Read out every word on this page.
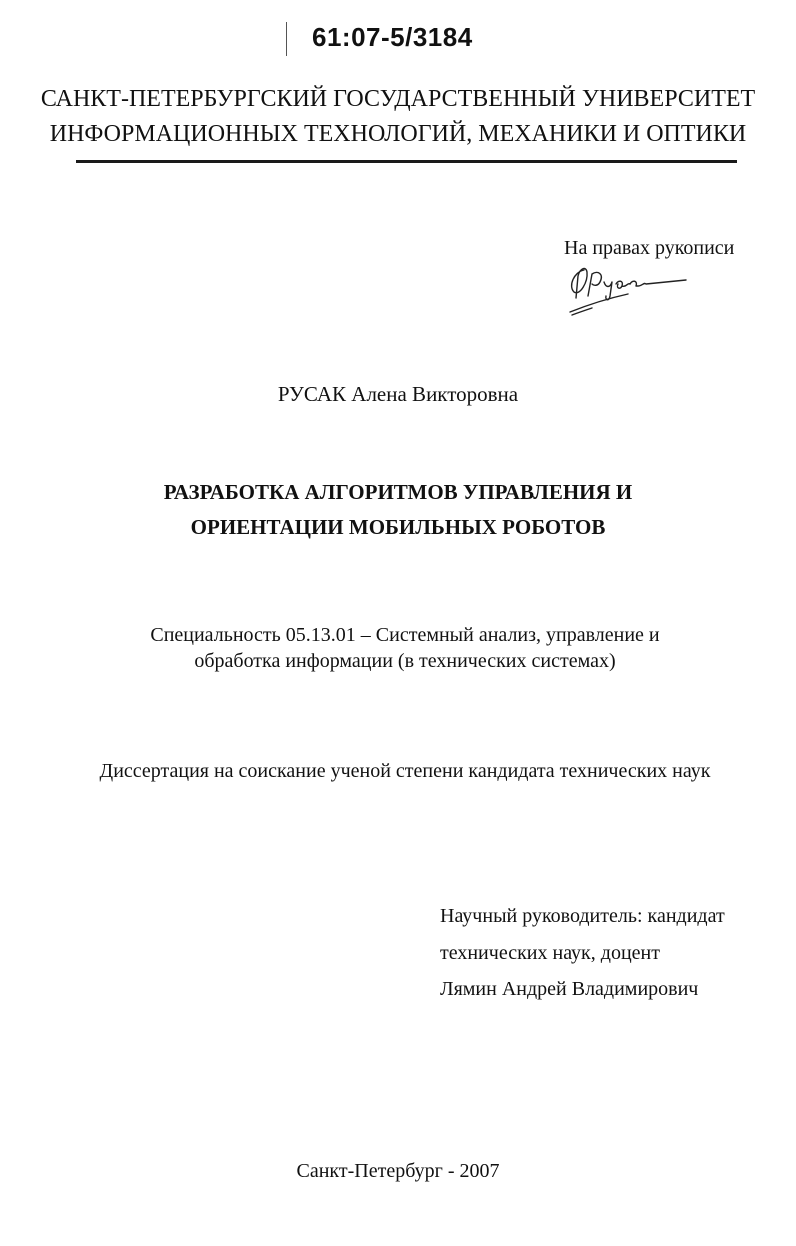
61:07-5/3184
САНКТ-ПЕТЕРБУРГСКИЙ ГОСУДАРСТВЕННЫЙ УНИВЕРСИТЕТ
ИНФОРМАЦИОННЫХ ТЕХНОЛОГИЙ, МЕХАНИКИ И ОПТИКИ
На правах рукописи
РУСАК Алена Викторовна
РАЗРАБОТКА АЛГОРИТМОВ УПРАВЛЕНИЯ И
ОРИЕНТАЦИИ МОБИЛЬНЫХ РОБОТОВ
Специальность 05.13.01 – Системный анализ, управление и
обработка информации (в технических системах)
Диссертация на соискание ученой степени кандидата технических наук
Научный руководитель: кандидат
технических наук, доцент
Лямин Андрей Владимирович
Санкт-Петербург - 2007
